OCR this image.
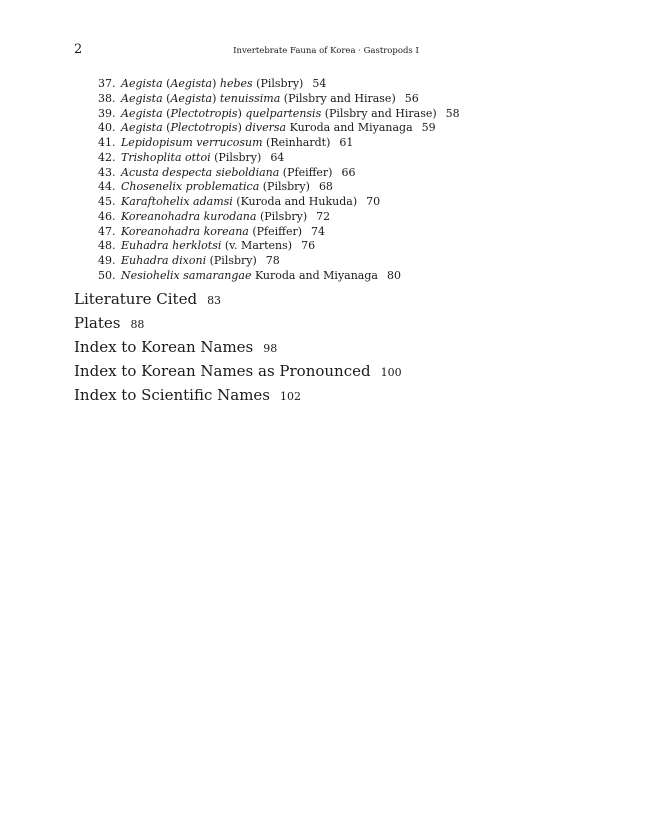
2	Invertebrate Fauna of Korea · Gastropods I
37. Aegista (Aegista) hebes (Pilsbry) 54
38. Aegista (Aegista) tenuissima (Pilsbry and Hirase) 56
39. Aegista (Plectotropis) quelpartensis (Pilsbry and Hirase) 58
40. Aegista (Plectotropis) diversa Kuroda and Miyanaga 59
41. Lepidopisum verrucosum (Reinhardt) 61
42. Trishoplita ottoi (Pilsbry) 64
43. Acusta despecta sieboldiana (Pfeiffer) 66
44. Chosenelix problematica (Pilsbry) 68
45. Karaftohelix adamsi (Kuroda and Hukuda) 70
46. Koreanohadra kurodana (Pilsbry) 72
47. Koreanohadra koreana (Pfeiffer) 74
48. Euhadra herklotsi (v. Martens) 76
49. Euhadra dixoni (Pilsbry) 78
50. Nesiohelix samarangae Kuroda and Miyanaga 80
Literature Cited 83
Plates 88
Index to Korean Names 98
Index to Korean Names as Pronounced 100
Index to Scientific Names 102
